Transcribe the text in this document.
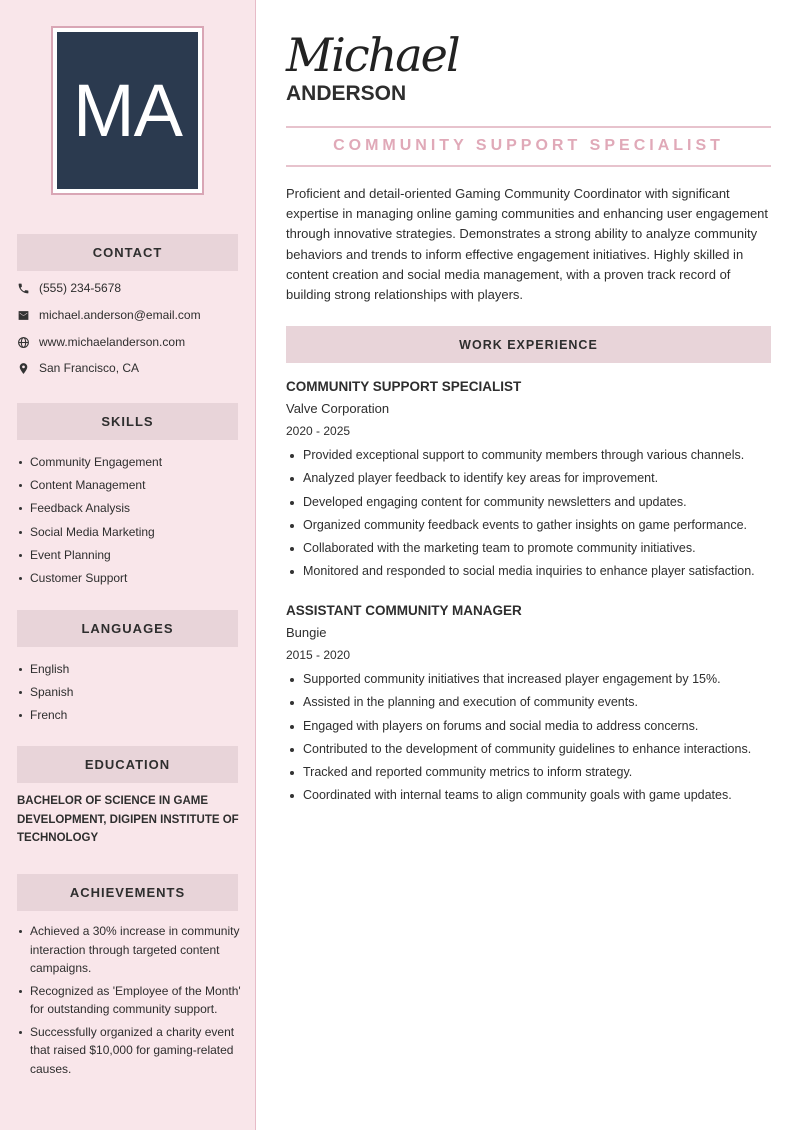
MA
CONTACT
(555) 234-5678
michael.anderson@email.com
www.michaelanderson.com
San Francisco, CA
SKILLS
Community Engagement
Content Management
Feedback Analysis
Social Media Marketing
Event Planning
Customer Support
LANGUAGES
English
Spanish
French
EDUCATION
BACHELOR OF SCIENCE IN GAME DEVELOPMENT, DIGIPEN INSTITUTE OF TECHNOLOGY
ACHIEVEMENTS
Achieved a 30% increase in community interaction through targeted content campaigns.
Recognized as 'Employee of the Month' for outstanding community support.
Successfully organized a charity event that raised $10,000 for gaming-related causes.
Michael
ANDERSON
COMMUNITY SUPPORT SPECIALIST
Proficient and detail-oriented Gaming Community Coordinator with significant expertise in managing online gaming communities and enhancing user engagement through innovative strategies. Demonstrates a strong ability to analyze community behaviors and trends to inform effective engagement initiatives. Highly skilled in content creation and social media management, with a proven track record of building strong relationships with players.
WORK EXPERIENCE
COMMUNITY SUPPORT SPECIALIST
Valve Corporation
2020 - 2025
Provided exceptional support to community members through various channels.
Analyzed player feedback to identify key areas for improvement.
Developed engaging content for community newsletters and updates.
Organized community feedback events to gather insights on game performance.
Collaborated with the marketing team to promote community initiatives.
Monitored and responded to social media inquiries to enhance player satisfaction.
ASSISTANT COMMUNITY MANAGER
Bungie
2015 - 2020
Supported community initiatives that increased player engagement by 15%.
Assisted in the planning and execution of community events.
Engaged with players on forums and social media to address concerns.
Contributed to the development of community guidelines to enhance interactions.
Tracked and reported community metrics to inform strategy.
Coordinated with internal teams to align community goals with game updates.
